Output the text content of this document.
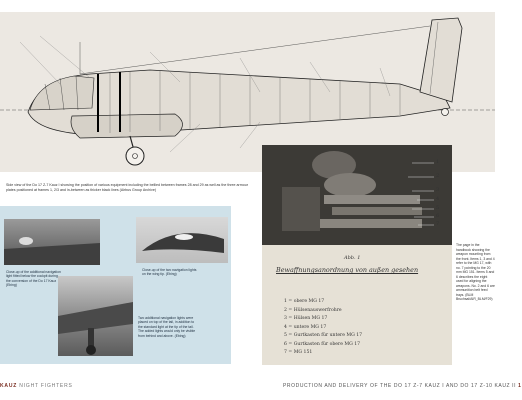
Side view of the Do 17 Z-7 Kauz I showing the position of various equipment including the bellied between frames 28 and 29 as well as the three armour plates positioned at frames 1, 2/3 and in-between as thicker black lines (Airbus Group Archive)
Close-up of the additional navigation light fitted below the cockpit during the conversion of the Do 17 Kauz (Ebing)
Close-up of the two navigation lights on the wing tip. (Ebing)
Two additional navigation lights were placed on top of the tail, in addition to the standard light at the tip of the tail. The added lights would only be visible from behind and above. (Ebing)
1
2
3
4
5
6
7
Abb. 1
Bewaffnungsanordnung von außen gesehen
1 = obere MG 17
2 = Hülsenauswerfrohre
3 = Hülsen MG 17
4 = untere MG 17
5 = Gurtkasten für untere MG 17
6 = Gurtkasten für obere MG 17
7 = MG 151
The page in the handbook showing the weapon mounting from the front. Items 1, 3 and 4 refer to the MG 17, with no. 7 pointing to the 20 mm MG 151. Items 5 and 6 describes the eight used for aligning the weapons. No. 2 and 6 are ammunition belt feed trays. (BLM Bruchsal/AIR_BLM/F29)
KAUZ NIGHT FIGHTERS	PRODUCTION AND DELIVERY OF THE DO 17 Z-7 KAUZ I AND DO 17 Z-10 KAUZ II 1
